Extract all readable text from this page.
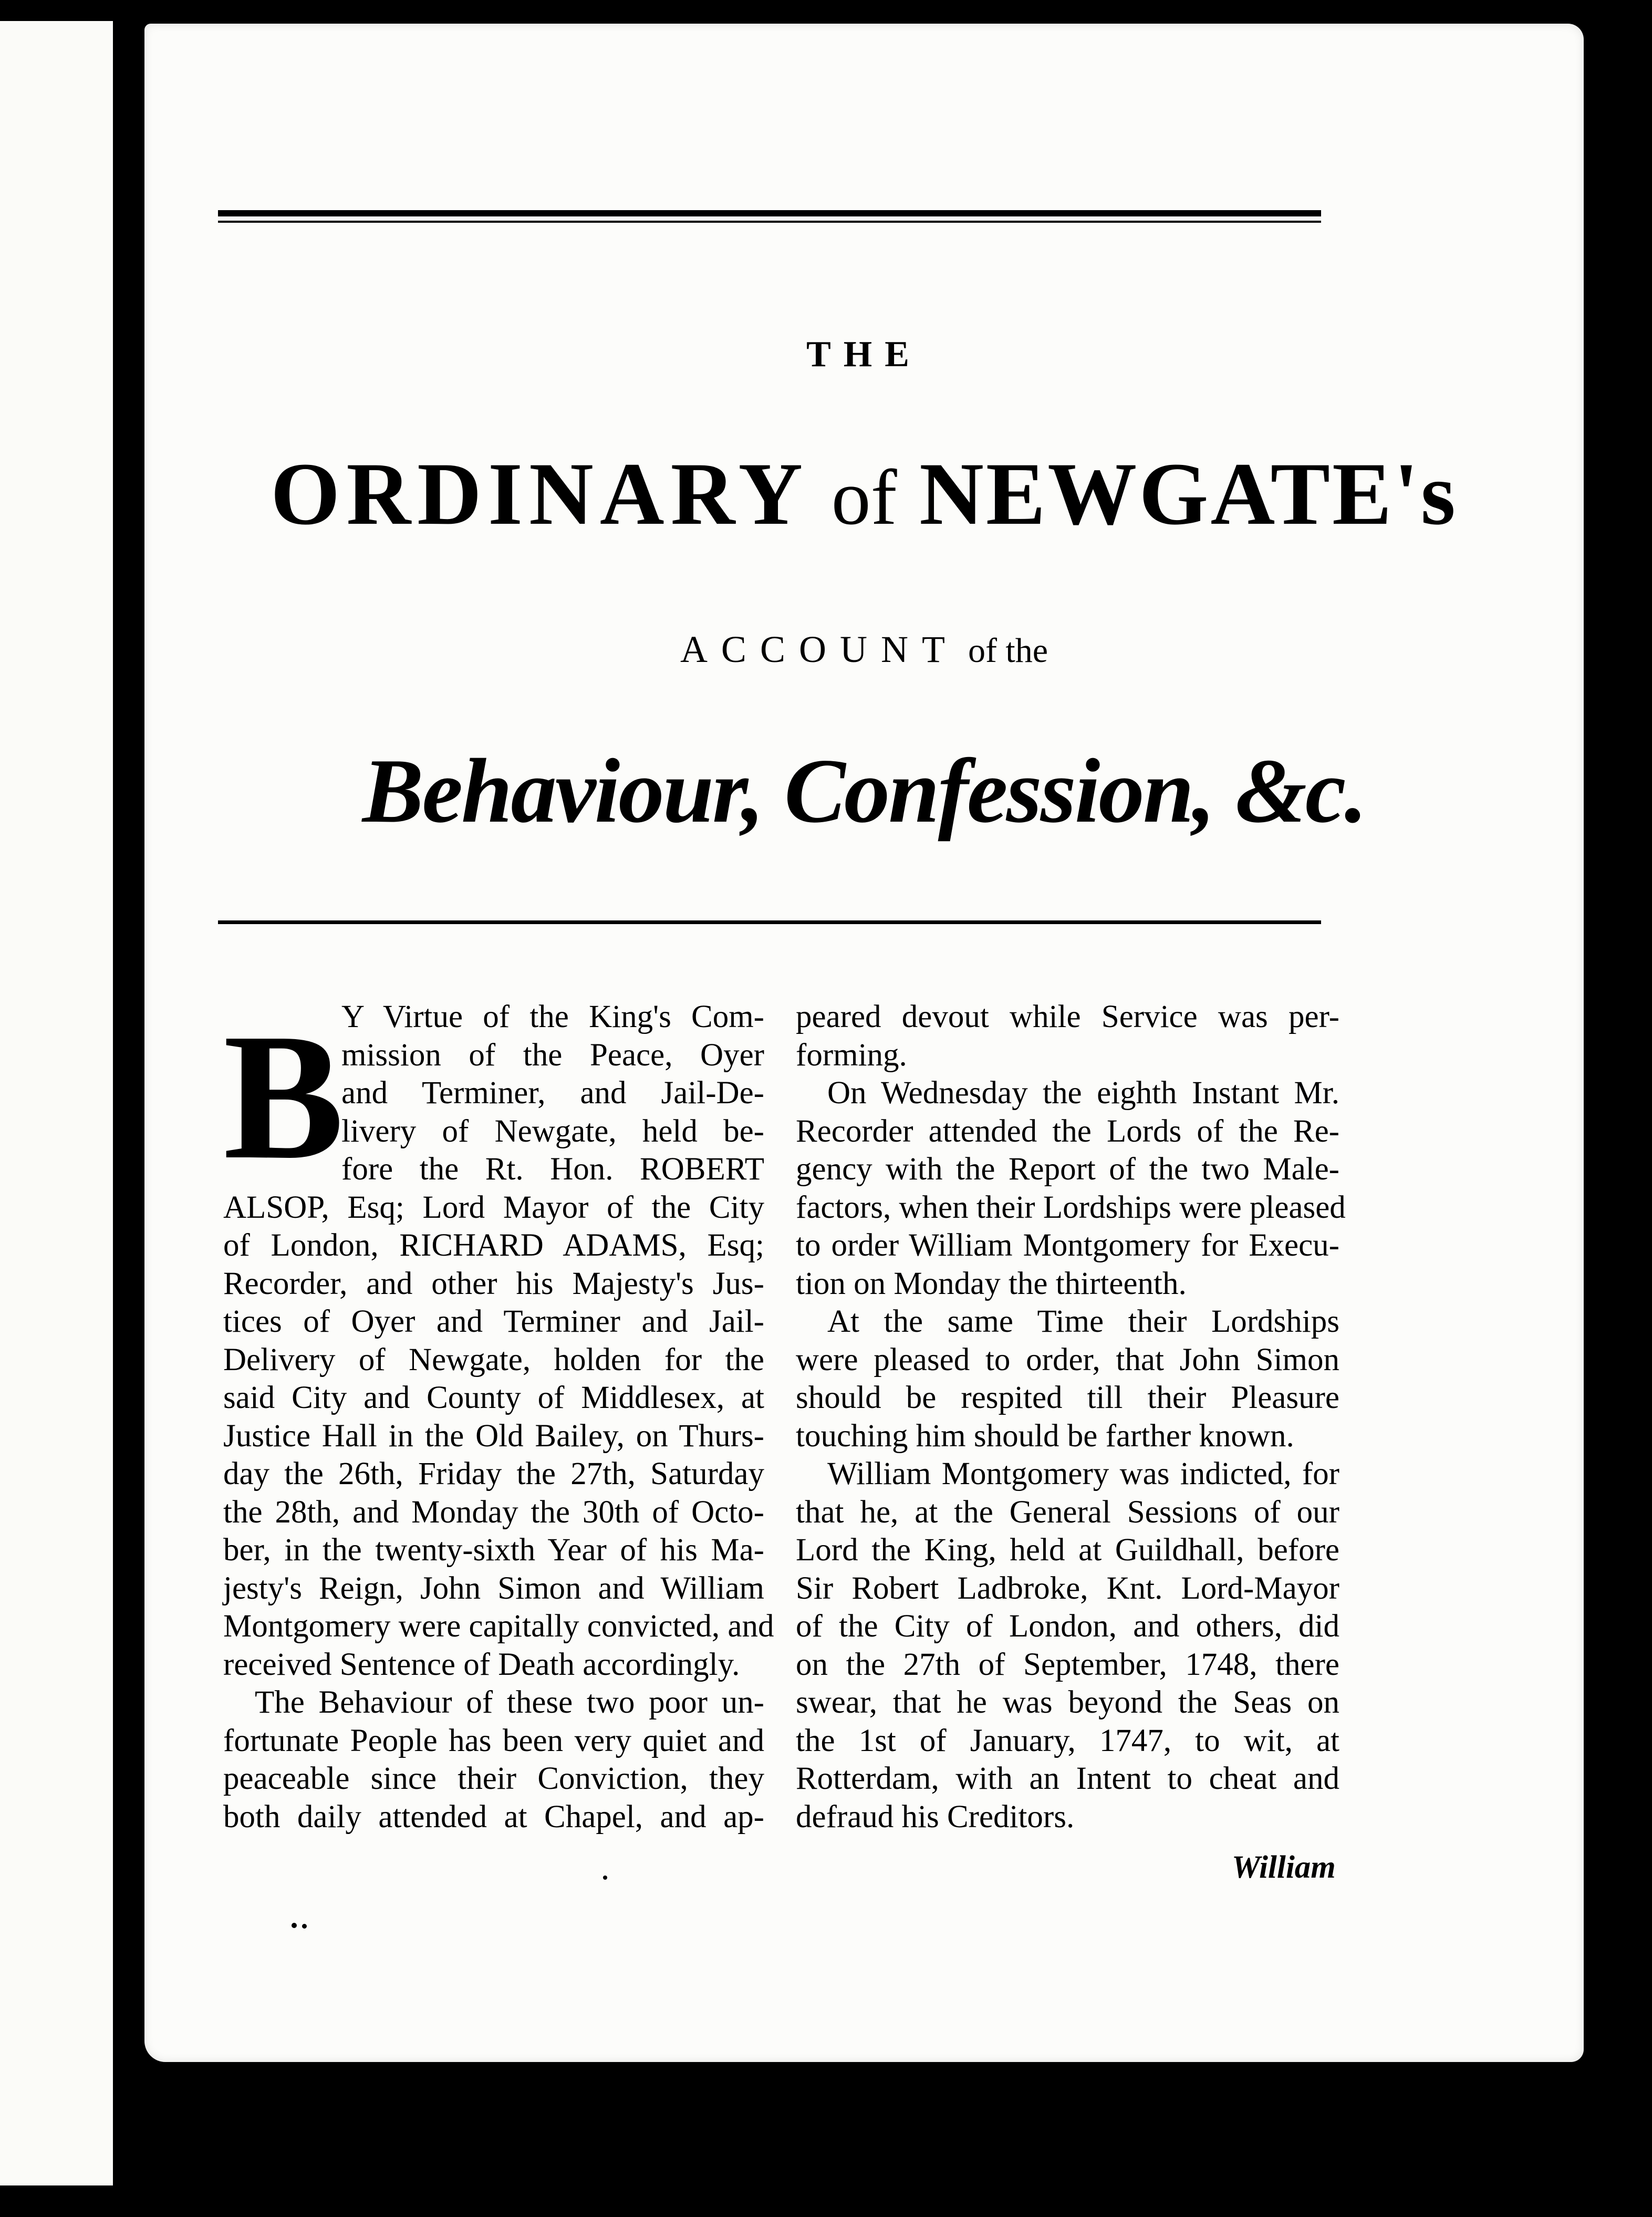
THE
ORDINARY of NEWGATE's
ACCOUNT of the
Behaviour, Confession, &c.
B
Y Virtue of the King's Com-
mission of the Peace, Oyer
and Terminer, and Jail-De-
livery of Newgate, held be-
fore the Rt. Hon. ROBERT
ALSOP, Esq; Lord Mayor of the City
of London, RICHARD ADAMS, Esq;
Recorder, and other his Majesty's Jus-
tices of Oyer and Terminer and Jail-
Delivery of Newgate, holden for the
said City and County of Middlesex, at
Justice Hall in the Old Bailey, on Thurs-
day the 26th, Friday the 27th, Saturday
the 28th, and Monday the 30th of Octo-
ber, in the twenty-sixth Year of his Ma-
jesty's Reign, John Simon and William
Montgomery were capitally convicted, and
received Sentence of Death accordingly.
The Behaviour of these two poor un-
fortunate People has been very quiet and
peaceable since their Conviction, they
both daily attended at Chapel, and ap-
peared devout while Service was per-
forming.
On Wednesday the eighth Instant Mr.
Recorder attended the Lords of the Re-
gency with the Report of the two Male-
factors, when their Lordships were pleased
to order William Montgomery for Execu-
tion on Monday the thirteenth.
At the same Time their Lordships
were pleased to order, that John Simon
should be respited till their Pleasure
touching him should be farther known.
William Montgomery was indicted, for
that he, at the General Sessions of our
Lord the King, held at Guildhall, before
Sir Robert Ladbroke, Knt. Lord-Mayor
of the City of London, and others, did
on the 27th of September, 1748, there
swear, that he was beyond the Seas on
the 1st of January, 1747, to wit, at
Rotterdam, with an Intent to cheat and
defraud his Creditors.
William
